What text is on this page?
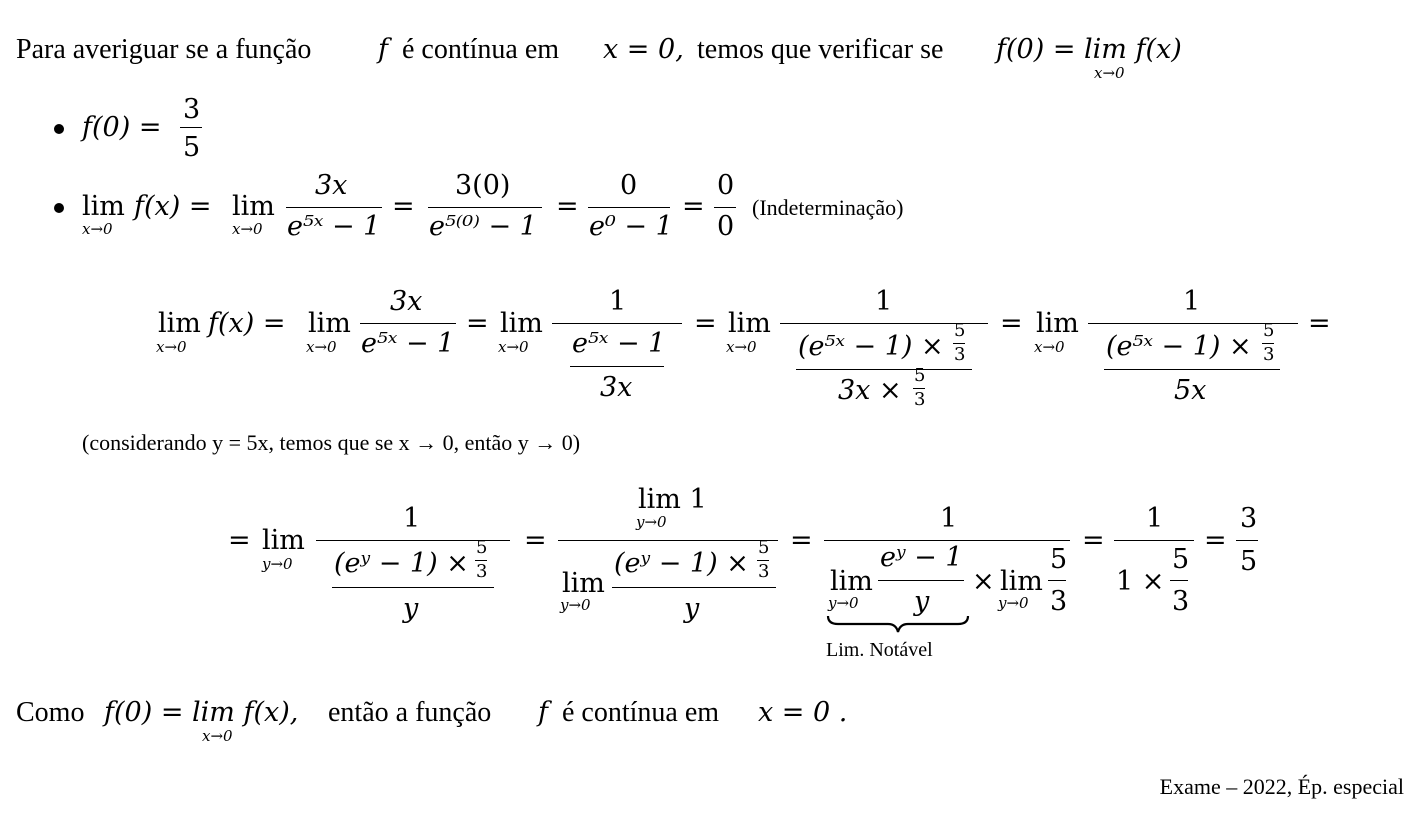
Para averiguar se a função f é contínua em x = 0, temos que verificar se f(0) = lim f(x)
x→0
f(0) =
3
5
lim
x→0
f(x) = lim
x→0
3x
e⁵ˣ − 1
=
3(0)
e⁵⁽⁰⁾ − 1
=
0
e⁰ − 1
=
0
0
(Indeterminação)
lim
x→0
f(x) = lim
x→0
3x
e⁵ˣ − 1
= lim
x→0
1
e⁵ˣ − 1
3x
= lim
x→0
1
(e⁵ˣ − 1) ×
5
3
3x × 5
3
= lim
x→0
1
(e⁵ˣ − 1) ×
5
3
5x
=
(considerando y = 5x, temos que se x → 0, então y → 0)
= lim
y→0
1
(eʸ − 1) ×
5
3
y
=
lim 1
y→0
lim
y→0
(eʸ − 1) ×
5
3
y
=
1
lim
y→0
eʸ − 1
y
× lim
y→0
5
3
Lim. Notável
=
1
1 ×
5
3
=
3
5
Como f(0) = lim f(x),
x→0
então a função f é contínua em x = 0 .
Exame – 2022, Ép. especial
